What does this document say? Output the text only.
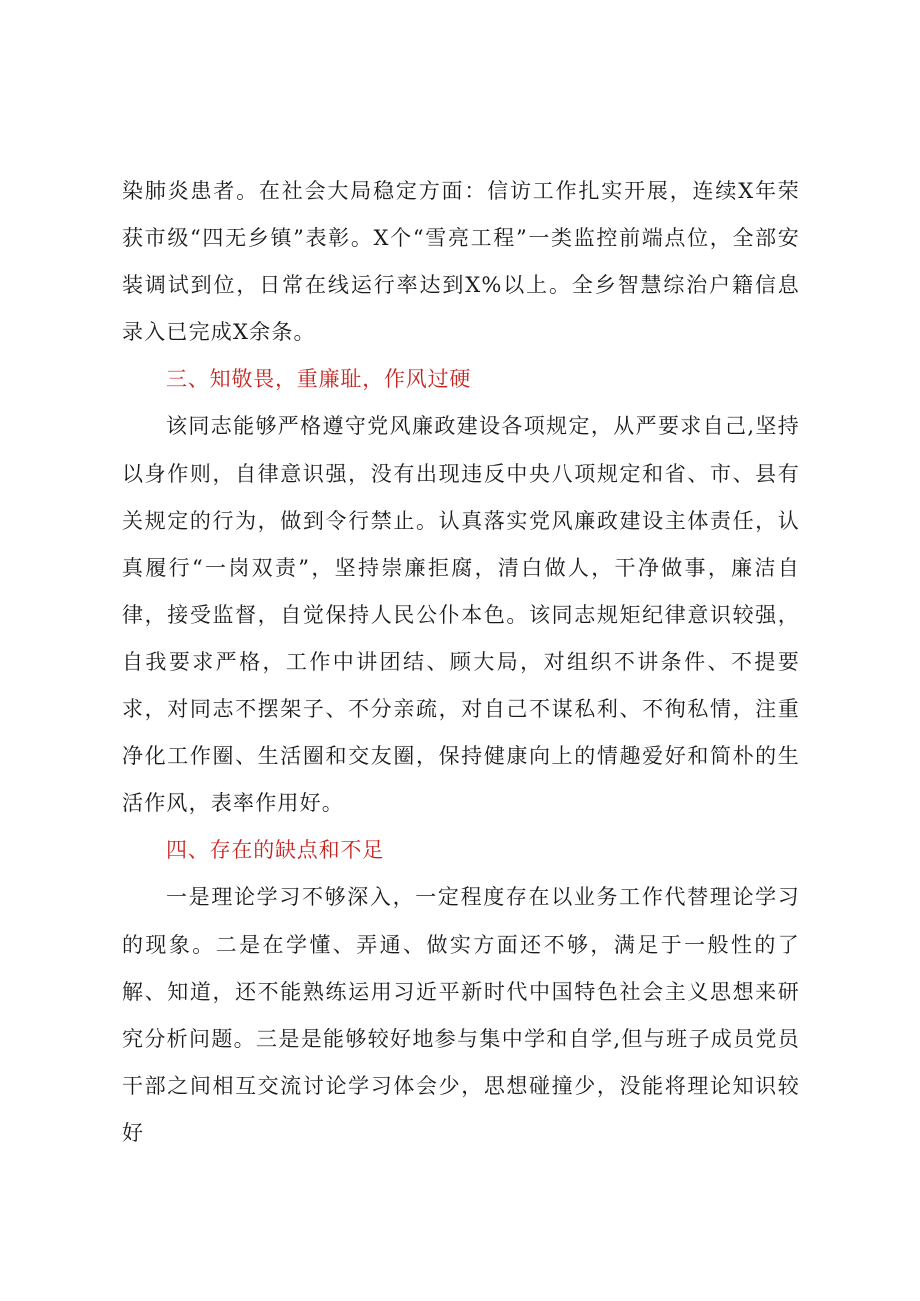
染肺炎患者。在社会大局稳定方面：信访工作扎实开展，连续X年荣获市级“四无乡镇”表彰。X个“雪亮工程”一类监控前端点位，全部安装调试到位，日常在线运行率达到X%以上。全乡智慧综治户籍信息录入已完成X余条。

三、知敬畏，重廉耻，作风过硬

该同志能够严格遵守党风廉政建设各项规定，从严要求自己,坚持以身作则，自律意识强，没有出现违反中央八项规定和省、市、县有关规定的行为，做到令行禁止。认真落实党风廉政建设主体责任，认真履行“一岗双责”，坚持崇廉拒腐，清白做人，干净做事，廉洁自律，接受监督，自觉保持人民公仆本色。该同志规矩纪律意识较强，自我要求严格，工作中讲团结、顾大局，对组织不讲条件、不提要求，对同志不摆架子、不分亲疏，对自己不谋私利、不徇私情，注重净化工作圈、生活圈和交友圈，保持健康向上的情趣爱好和简朴的生活作风，表率作用好。

四、存在的缺点和不足

一是理论学习不够深入，一定程度存在以业务工作代替理论学习的现象。二是在学懂、弄通、做实方面还不够，满足于一般性的了解、知道，还不能熟练运用习近平新时代中国特色社会主义思想来研究分析问题。三是是能够较好地参与集中学和自学,但与班子成员党员干部之间相互交流讨论学习体会少，思想碰撞少，没能将理论知识较好
